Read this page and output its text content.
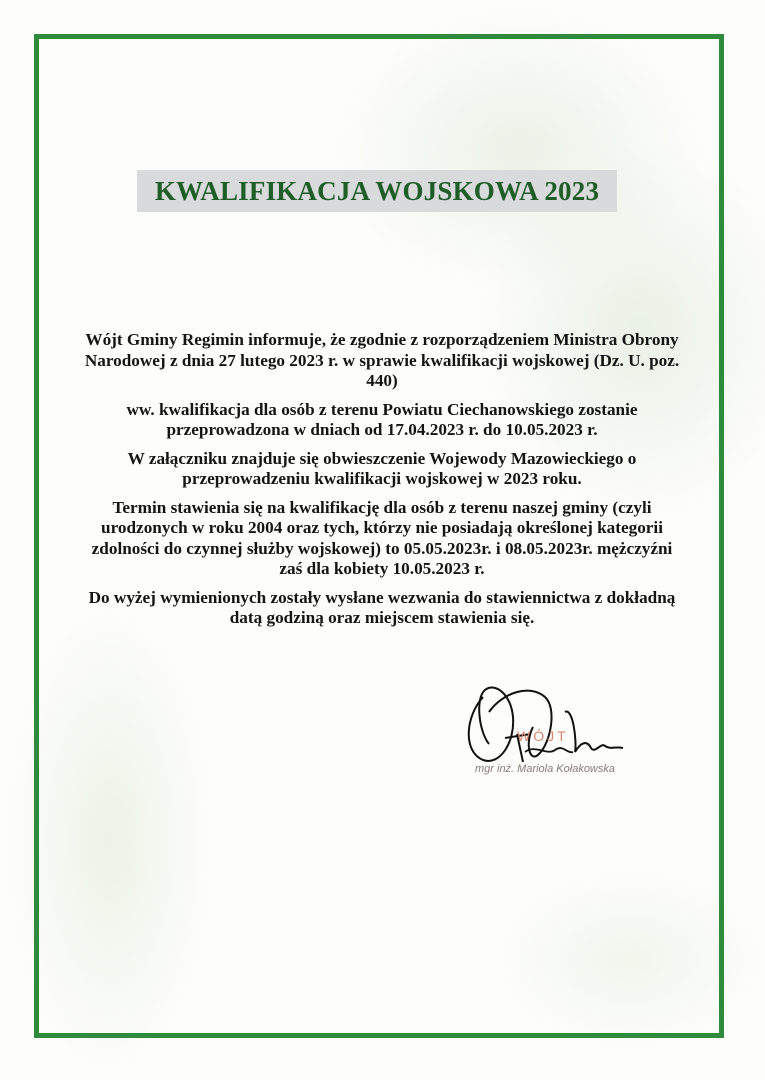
KWALIFIKACJA WOJSKOWA 2023

Wójt Gminy Regimin informuje, że zgodnie z rozporządzeniem Ministra Obrony Narodowej z dnia 27 lutego 2023 r. w sprawie kwalifikacji wojskowej (Dz. U. poz. 440)

ww. kwalifikacja dla osób z terenu Powiatu Ciechanowskiego zostanie przeprowadzona w dniach od 17.04.2023 r. do 10.05.2023 r.

W załączniku znajduje się obwieszczenie Wojewody Mazowieckiego o przeprowadzeniu kwalifikacji wojskowej w 2023 roku.

Termin stawienia się na kwalifikację dla osób z terenu naszej gminy (czyli urodzonych w roku 2004 oraz tych, którzy nie posiadają określonej kategorii zdolności do czynnej służby wojskowej) to 05.05.2023r. i 08.05.2023r. mężczyźni zaś dla kobiety 10.05.2023 r.

Do wyżej wymienionych zostały wysłane wezwania do stawiennictwa z dokładną datą godziną oraz miejscem stawienia się.

WÓJT
mgr inż. Mariola Kołakowska
